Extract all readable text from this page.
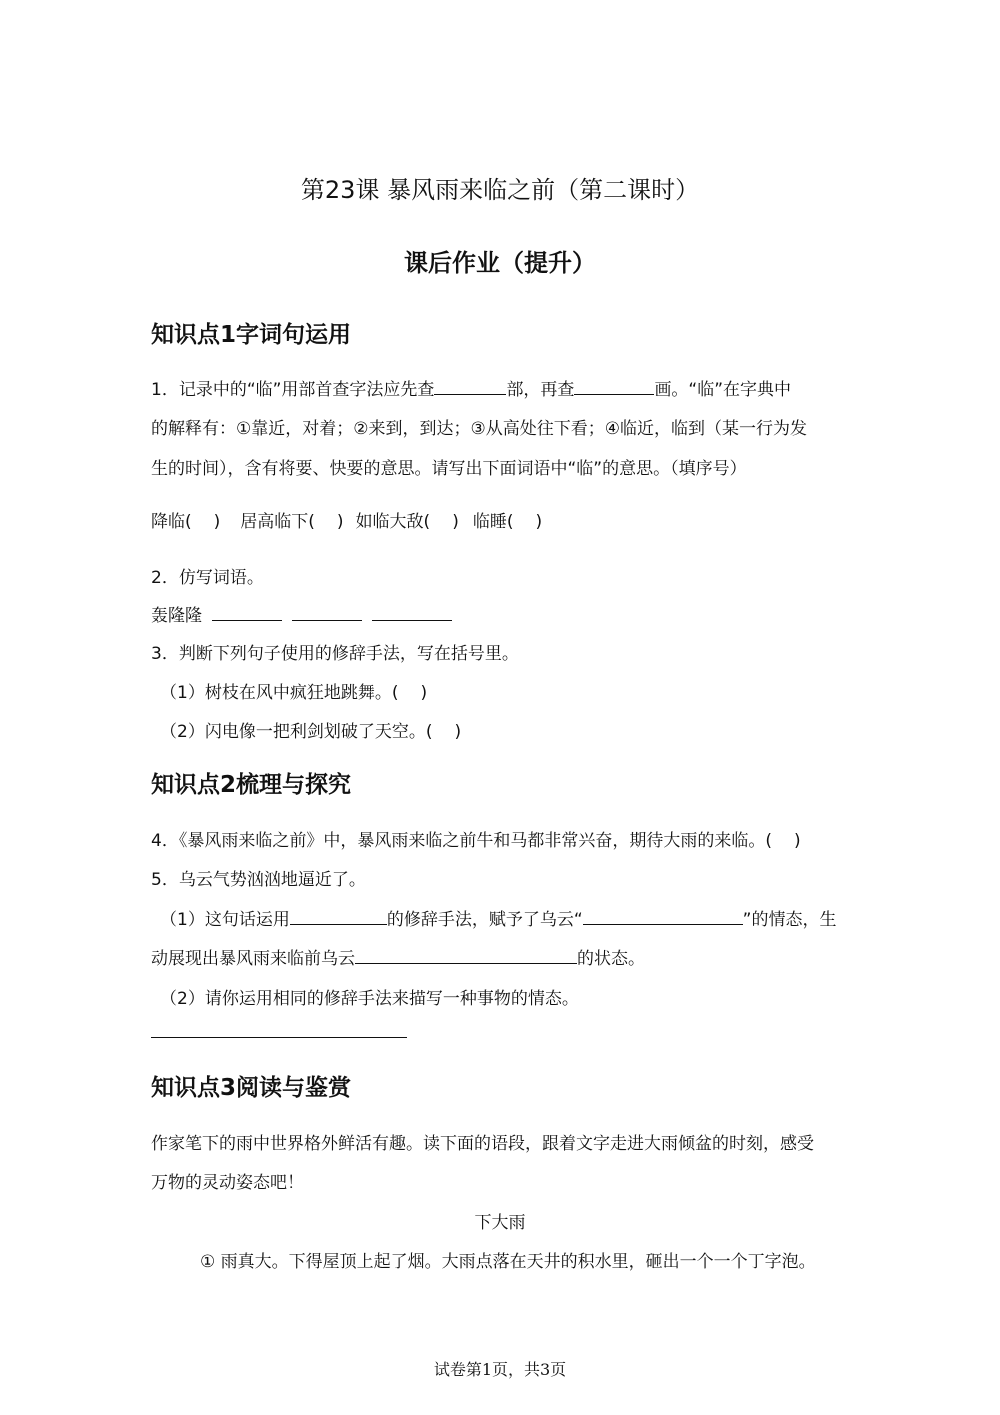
第23课 暴风雨来临之前（第二课时）
课后作业（提升）
知识点1字词句运用
1．记录中的“临”用部首查字法应先查	部，再查	画。“临”在字典中
的解释有：①靠近，对着；②来到，到达；③从高处往下看；④临近，临到（某一行为发
生的时间），含有将要、快要的意思。请写出下面词语中“临”的意思。（填序号）
降临( ) 居高临下( ) 如临大敌( ) 临睡( )
2．仿写词语。
轰隆隆
3．判断下列句子使用的修辞手法，写在括号里。
（1）树枝在风中疯狂地跳舞。( )
（2）闪电像一把利剑划破了天空。( )
知识点2梳理与探究
4．《暴风雨来临之前》中，暴风雨来临之前牛和马都非常兴奋，期待大雨的来临。( )
5．乌云气势汹汹地逼近了。
（1）这句话运用	的修辞手法，赋予了乌云“	”的情态，生
动展现出暴风雨来临前乌云	的状态。
（2）请你运用相同的修辞手法来描写一种事物的情态。
知识点3阅读与鉴赏
作家笔下的雨中世界格外鲜活有趣。读下面的语段，跟着文字走进大雨倾盆的时刻，感受
万物的灵动姿态吧！
下大雨
① 雨真大。下得屋顶上起了烟。大雨点落在天井的积水里，砸出一个一个丁字泡。
试卷第1页，共3页
